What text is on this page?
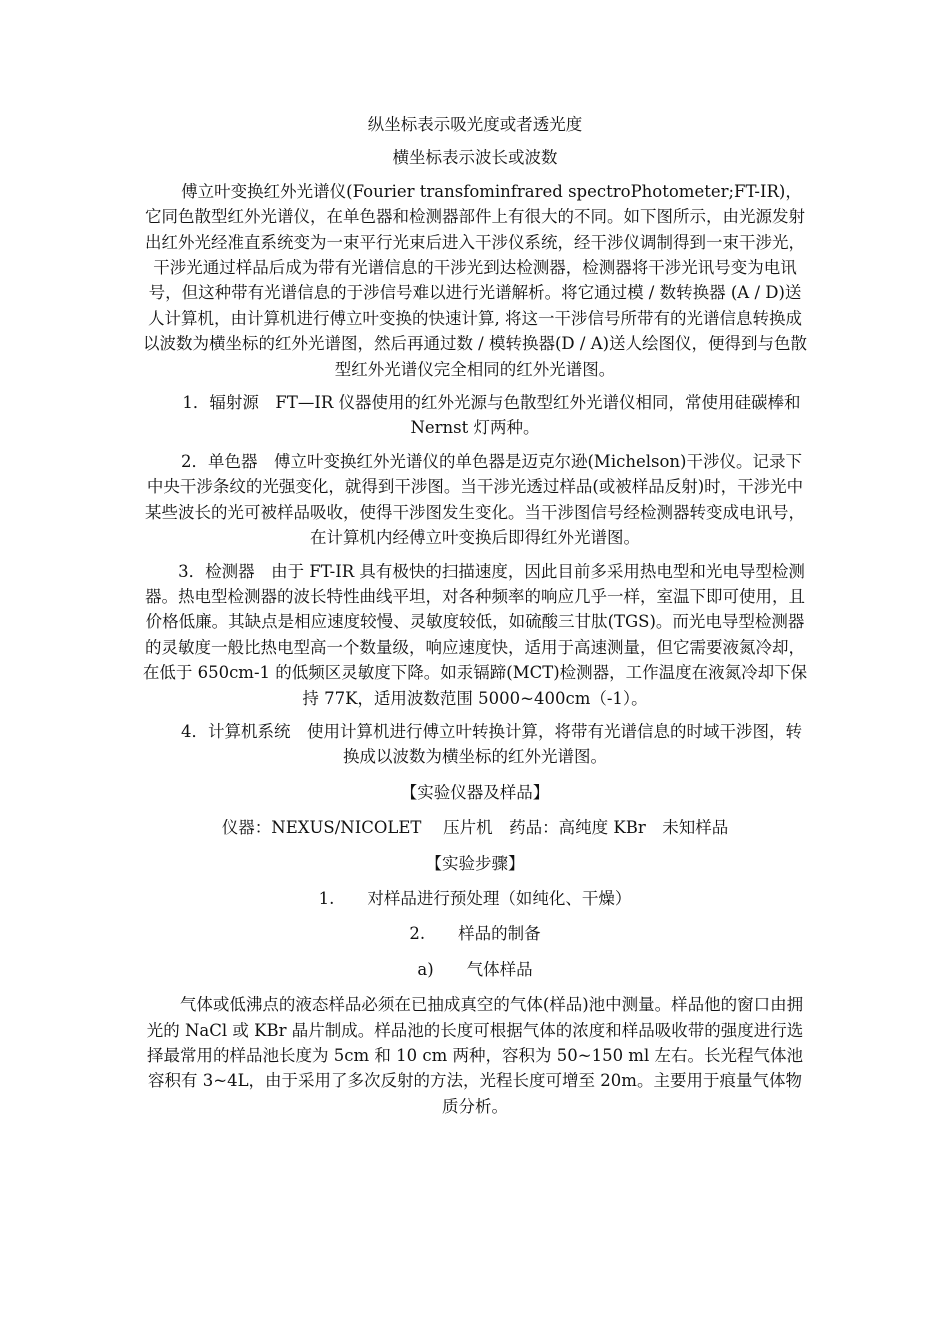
纵坐标表示吸光度或者透光度

横坐标表示波长或波数

傅立叶变换红外光谱仪(Fourier transfominfrared spectroPhotometer;FT-IR)，它同色散型红外光谱仪，在单色器和检测器部件上有很大的不同。如下图所示，由光源发射出红外光经准直系统变为一束平行光束后进入干涉仪系统，经干涉仪调制得到一束干涉光，干涉光通过样品后成为带有光谱信息的干涉光到达检测器，检测器将干涉光讯号变为电讯号，但这种带有光谱信息的于涉信号难以进行光谱解析。将它通过模 / 数转换器 (A / D)送人计算机，由计算机进行傅立叶变换的快速计算, 将这一干涉信号所带有的光谱信息转换成以波数为横坐标的红外光谱图，然后再通过数 / 模转换器(D / A)送人绘图仪，便得到与色散型红外光谱仪完全相同的红外光谱图。

1．辐射源　FT—IR 仪器使用的红外光源与色散型红外光谱仪相同，常使用硅碳棒和 Nernst 灯两种。

2．单色器　傅立叶变换红外光谱仪的单色器是迈克尔逊(Michelson)干涉仪。记录下中央干涉条纹的光强变化，就得到干涉图。当干涉光透过样品(或被样品反射)时，干涉光中某些波长的光可被样品吸收，使得干涉图发生变化。当干涉图信号经检测器转变成电讯号，在计算机内经傅立叶变换后即得红外光谱图。

3．检测器　由于 FT-IR 具有极快的扫描速度，因此目前多采用热电型和光电导型检测器。热电型检测器的波长特性曲线平坦，对各种频率的响应几乎一样，室温下即可使用，且价格低廉。其缺点是相应速度较慢、灵敏度较低，如硫酸三甘肽(TGS)。而光电导型检测器的灵敏度一般比热电型高一个数量级，响应速度快，适用于高速测量，但它需要液氮冷却，在低于 650cm-1 的低频区灵敏度下降。如汞镉蹄(MCT)检测器，工作温度在液氮冷却下保持 77K，适用波数范围 5000~400cm（-1）。

4．计算机系统　使用计算机进行傅立叶转换计算，将带有光谱信息的时域干涉图，转换成以波数为横坐标的红外光谱图。

【实验仪器及样品】

仪器：NEXUS/NICOLET　 压片机　药品：高纯度 KBr　未知样品

【实验步骤】

1.　　对样品进行预处理（如纯化、干燥）

2.　　样品的制备

a)　　气体样品

气体或低沸点的液态样品必须在已抽成真空的气体(样品)池中测量。样品他的窗口由拥光的 NaCl 或 KBr 晶片制成。样品池的长度可根据气体的浓度和样品吸收带的强度进行选择最常用的样品池长度为 5cm 和 10 cm 两种，容积为 50~150 ml 左右。长光程气体池容积有 3~4L，由于采用了多次反射的方法，光程长度可增至 20m。主要用于痕量气体物质分析。
